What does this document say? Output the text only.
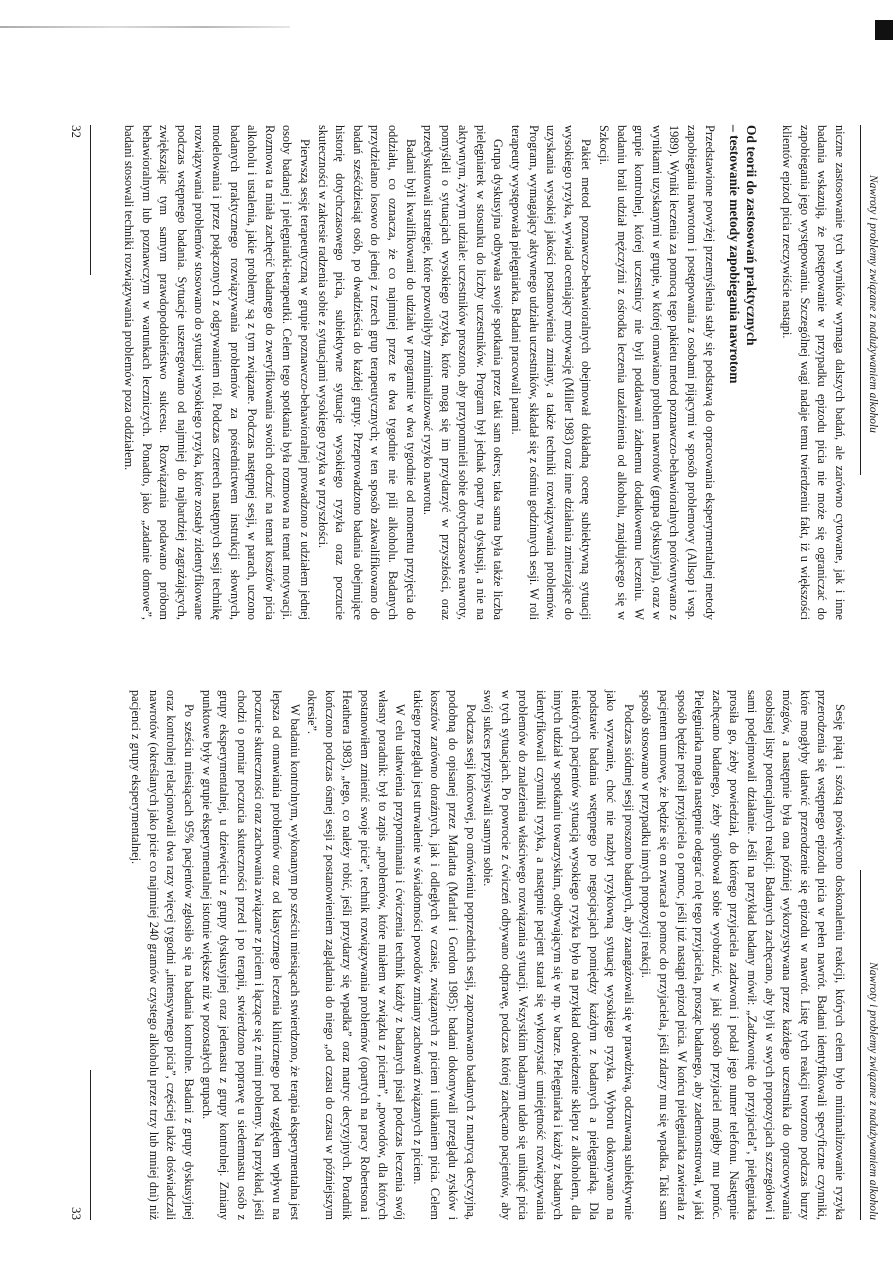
Nawroty i problemy związane z nadużywaniem alkoholu

niczne zastosowanie tych wyników wymaga dalszych badań, ale zarówno cytowane, jak i inne badania wskazują, że postępowanie w przypadku epizodu picia nie może się ograniczać do zapobiegania jego występowaniu. Szczególnej wagi nadaje temu twierdzeniu fakt, iż u większości klientów epizod picia rzeczywiście nastąpi.

Od teorii do zastosowań praktycznych
– testowanie metody zapobiegania nawrotom

Przedstawione powyżej przemyślenia stały się podstawą do opracowania eksperymentalnej metody zapobiegania nawrotom i postępowania z osobami pijącymi w sposób problemowy (Allsop i wsp. 1989). Wyniki leczenia za pomocą tego pakietu metod poznawczo-behawioralnych porównywano z wynikami uzyskanymi w grupie, w której omawiano problem nawrotów (grupa dyskusyjna), oraz w grupie kontrolnej, której uczestnicy nie byli poddawani żadnemu dodatkowemu leczeniu. W badaniu brali udział mężczyźni z ośrodka leczenia uzależnienia od alkoholu, znajdującego się w Szkocji.

Pakiet metod poznawczo-behawioralnych obejmował dokładną ocenę subiektywną sytuacji wysokiego ryzyka, wywiad oceniający motywację (Miller 1983) oraz inne działania zmierzające do uzyskania wysokiej jakości postanowienia zmiany, a także techniki rozwiązywania problemów. Program, wymagający aktywnego udziału uczestników, składał się z ośmiu godzinnych sesji. W roli terapeuty występowała pielęgniarka. Badani pracowali parami.

Grupa dyskusyjna odbywała swoje spotkania przez taki sam okres; taka sama była także liczba pielęgniarek w stosunku do liczby uczestników. Program był jednak oparty na dyskusji, a nie na aktywnym, żywym udziale: uczestników proszono, aby przypomnieli sobie dotychczasowe nawroty, pomyśleli o sytuacjach wysokiego ryzyka, które mogą się im przydarzyć w przyszłości, oraz przedyskutowali strategie, które pozwoliłyby zminimalizować ryzyko nawrotu.

Badani byli kwalifikowani do udziału w programie w dwa tygodnie od momentu przyjęcia do oddziału, co oznacza, że co najmniej przez te dwa tygodnie nie pili alkoholu. Badanych przydzielano losowo do jednej z trzech grup terapeutycznych; w ten sposób zakwalifikowano do badań sześćdziesiąt osób, po dwadzieścia do każdej grupy. Przeprowadzono badania obejmujące historię dotychczasowego picia, subiektywne sytuacje wysokiego ryzyka oraz poczucie skuteczności w zakresie radzenia sobie z sytuacjami wysokiego ryzyka w przyszłości.

Pierwszą sesję terapeutyczną w grupie poznawczo-behawioralnej prowadzono z udziałem jednej osoby badanej i pielęgniarki-terapeutki. Celem tego spotkania była rozmowa na temat motywacji. Rozmowa ta miała zachęcić badanego do zweryfikowania swoich odczuć na temat kosztów picia alkoholu i ustalenia, jakie problemy są z tym związane. Podczas następnej sesji, w parach, uczono badanych praktycznego rozwiązywania problemów za pośrednictwem instrukcji słownych, modelowania i przez połączonych z odgrywaniem ról. Podczas czterech następnych sesji technikę rozwiązywania problemów stosowano do sytuacji wysokiego ryzyka, które zostały zidentyfikowane podczas wstępnego badania. Sytuacje uszeregowano od najmniej do najbardziej zagrażających, zwiększając tym samym prawdopodobieństwo sukcesu. Rozwiązania podawano próbom behawioralnym lub poznawczym w warunkach leczniczych. Ponadto, jako „zadanie domowe”, badani stosowali techniki rozwiązywania problemów poza oddziałem.

32
Nawroty i problemy związane z nadużywaniem alkoholu

Sesję piątą i szóstą poświęcono doskonaleniu reakcji, których celem było minimalizowanie ryzyka przerodzenia się wstępnego epizodu picia w pełen nawrót. Badani identyfikowali specyficzne czynniki, które mogłyby ułatwić przerodzenie się epizodu w nawrót. Listę tych reakcji tworzono podczas burzy mózgów, a następnie była ona później wykorzystywana przez każdego uczestnika do opracowywania osobistej listy potencjalnych reakcji. Badanych zachęcano, aby byli w swych propozycjach szczegółowi i sami podejmowali działanie. Jeśli na przykład badany mówił: „Zadzwonię do przyjaciela”, pielęgniarka prosiła go, żeby powiedział, do którego przyjaciela zadzwoni i podał jego numer telefonu. Następnie zachęcano badanego, żeby spróbował sobie wyobrazić, w jaki sposób przyjaciel mógłby mu pomóc. Pielęgniarka mogła następnie odegrać rolę tego przyjaciela, prosząc badanego, aby zademonstrował, w jaki sposób będzie prosił przyjaciela o pomoc, jeśli już nastąpi epizod picia. W końcu pielęgniarka zawierała z pacjentem umowę, że będzie się on zwracał o pomoc do przyjaciela, jeśli zdarzy mu się wpadka. Taki sam sposób stosowano w przypadku innych propozycji reakcji.

Podczas siódmej sesji proszono badanych, aby zaangażowali się w prawdziwą, odczuwaną subiektywnie jako wyzwanie, choć nie nazbyt ryzykowną sytuację wysokiego ryzyka. Wyboru dokonywano na podstawie badania wstępnego po negocjacjach pomiędzy każdym z badanych a pielęgniarką. Dla niektórych pacjentów sytuacją wysokiego ryzyka było na przykład odwiedzenie sklepu z alkoholem, dla innych udział w spotkaniu towarzyskim, odbywającym się w np. w barze. Pielęgniarka i każdy z badanych identyfikowali czynniki ryzyka, a następnie pacjent starał się wykorzystać umiejętność rozwiązywania problemów do znalezienia właściwego rozwiązania sytuacji. Wszystkim badanym udało się uniknąć picia w tych sytuacjach. Po powrocie z ćwiczeń odbywano odprawę, podczas której zachęcano pacjentów, aby swój sukces przypisywali samym sobie.

Podczas sesji końcowej, po omówieniu poprzednich sesji, zapoznawano badanych z matrycą decyzyjną, podobną do opisanej przez Marlatta (Marlatt i Gordon 1985): badani dokonywali przeglądu zysków i kosztów zarówno doraźnych, jak i odległych w czasie, związanych z piciem i unikaniem picia. Celem takiego przeglądu jest utrwalenie w świadomości powodów zmiany zachowań związanych z piciem.

W celu ułatwienia przypominania i ćwiczenia technik każdy z badanych pisał podczas leczenia swój własny poradnik: był to zapis „problemów, które miałem w związku z piciem”, „powodów, dla których postanowiłem zmienić swoje picie”, technik rozwiązywania problemów (opartych na pracy Robertsona i Heathera 1983), „tego, co należy robić, jeśli przydarzy się wpadka” oraz matryc decyzyjnych. Poradnik kończono podczas ósmej sesji z postanowieniem zaglądania do niego „od czasu do czasu w późniejszym okresie”.

W badaniu kontrolnym, wykonanym po sześciu miesiącach stwierdzono, że terapia eksperymentalna jest lepsza od omawiania problemów oraz od klasycznego leczenia klinicznego pod względem wpływu na poczucie skuteczności oraz zachowania związane z piciem i łączące się z nimi problemy. Na przykład, jeśli chodzi o pomiar poczucia skuteczności przed i po terapii, stwierdzono poprawę u siedemnastu osób z grupy eksperymentalnej, u dziewięciu z grupy dyskusyjnej oraz jedenastu z grupy kontrolnej. Zmiany punktowe były w grupie eksperymentalnej istotnie większe niż w pozostałych grupach.

Po sześciu miesiącach 95% pacjentów zgłosiło się na badania kontrolne. Badani z grupy dyskusyjnej oraz kontrolnej relacjonowali dwa razy więcej tygodni „intensywnego picia”, częściej także doświadczali nawrotów (określanych jako picie co najmniej 240 gramów czystego alkoholu przez trzy lub mniej dni) niż pacjenci z grupy eksperymentalnej.

33
